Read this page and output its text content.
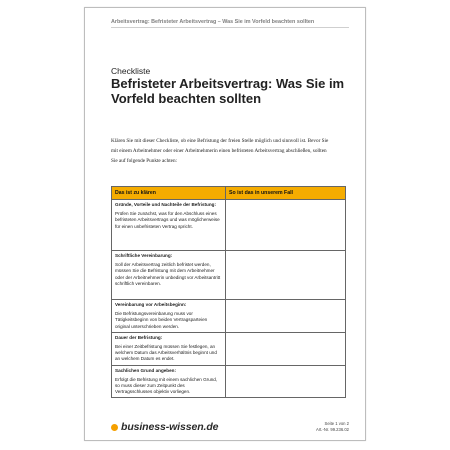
Arbeitsvertrag: Befristeter Arbeitsvertrag – Was Sie im Vorfeld beachten sollten
Checkliste
Befristeter Arbeitsvertrag: Was Sie im Vorfeld beachten sollten

Klären Sie mit dieser Checkliste, ob eine Befristung der freien Stelle möglich und sinnvoll ist. Bevor Sie mit einem Arbeitnehmer oder einer Arbeitnehmerin einen befristeten Arbeitsvertrag abschließen, sollten Sie auf folgende Punkte achten:

Das ist zu klären	So ist das in unserem Fall

Gründe, Vorteile und Nachteile der Befristung:
Prüfen Sie zunächst, was für den Abschluss eines befristeten Arbeitsvertrags und was möglicherweise für einen unbefristeten Vertrag spricht.	

Schriftliche Vereinbarung:
Soll der Arbeitsvertrag zeitlich befristet werden, müssen Sie die Befristung mit dem Arbeitnehmer oder der Arbeitnehmerin unbedingt vor Arbeitsantritt schriftlich vereinbaren.	

Vereinbarung vor Arbeitsbeginn:
Die Befristungsvereinbarung muss vor Tätigkeitsbeginn von beiden Vertragsparteien original unterschrieben werden.	

Dauer der Befristung:
Bei einer Zeitbefristung müssen Sie festlegen, an welchem Datum das Arbeitsverhältnis beginnt und an welchem Datum es endet.	

Sachlichen Grund angeben:
Erfolgt die Befristung mit einem sachlichen Grund, so muss dieser zum Zeitpunkt des Vertragsschlusses objektiv vorliegen.	

business-wissen.de	Seite 1 von 2
Art.-Nr. 99.236.02
